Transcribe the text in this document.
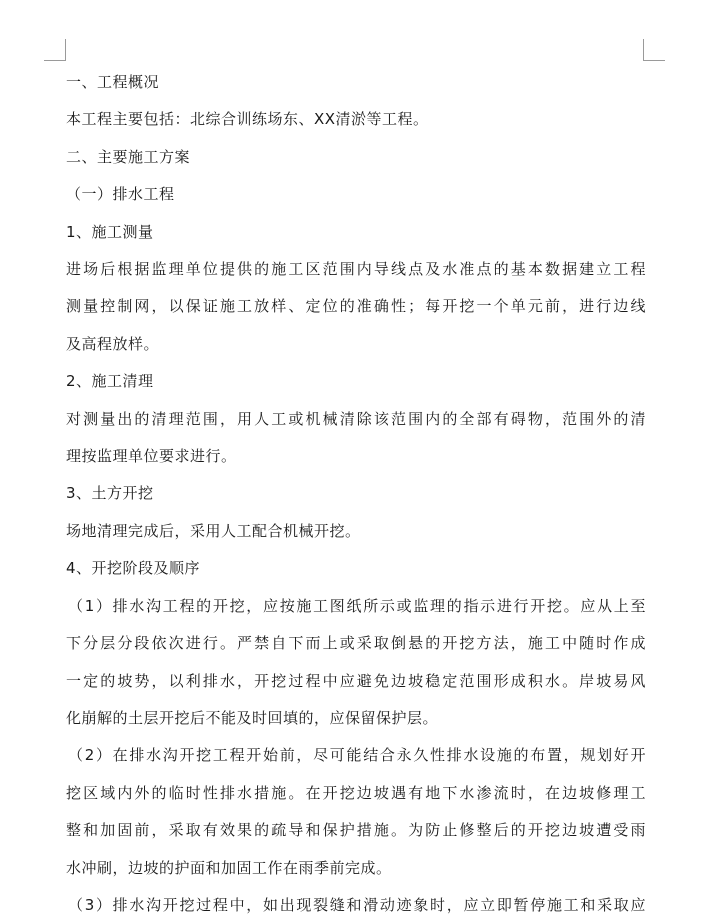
一、工程概况

本工程主要包括：北综合训练场东、XX清淤等工程。

二、主要施工方案

（一）排水工程

1、施工测量

进场后根据监理单位提供的施工区范围内导线点及水准点的基本数据建立工程

测量控制网，以保证施工放样、定位的准确性；每开挖一个单元前，进行边线

及高程放样。

2、施工清理

对测量出的清理范围，用人工或机械清除该范围内的全部有碍物，范围外的清

理按监理单位要求进行。

3、土方开挖

场地清理完成后，采用人工配合机械开挖。

4、开挖阶段及顺序

（1）排水沟工程的开挖，应按施工图纸所示或监理的指示进行开挖。应从上至

下分层分段依次进行。严禁自下而上或采取倒悬的开挖方法，施工中随时作成

一定的坡势，以利排水，开挖过程中应避免边坡稳定范围形成积水。岸坡易风

化崩解的土层开挖后不能及时回填的，应保留保护层。

（2）在排水沟开挖工程开始前，尽可能结合永久性排水设施的布置，规划好开

挖区域内外的临时性排水措施。在开挖边坡遇有地下水渗流时，在边坡修理工

整和加固前，采取有效果的疏导和保护措施。为防止修整后的开挖边坡遭受雨

水冲刷，边坡的护面和加固工作在雨季前完成。

（3）排水沟开挖过程中，如出现裂缝和滑动迹象时，应立即暂停施工和采取应
